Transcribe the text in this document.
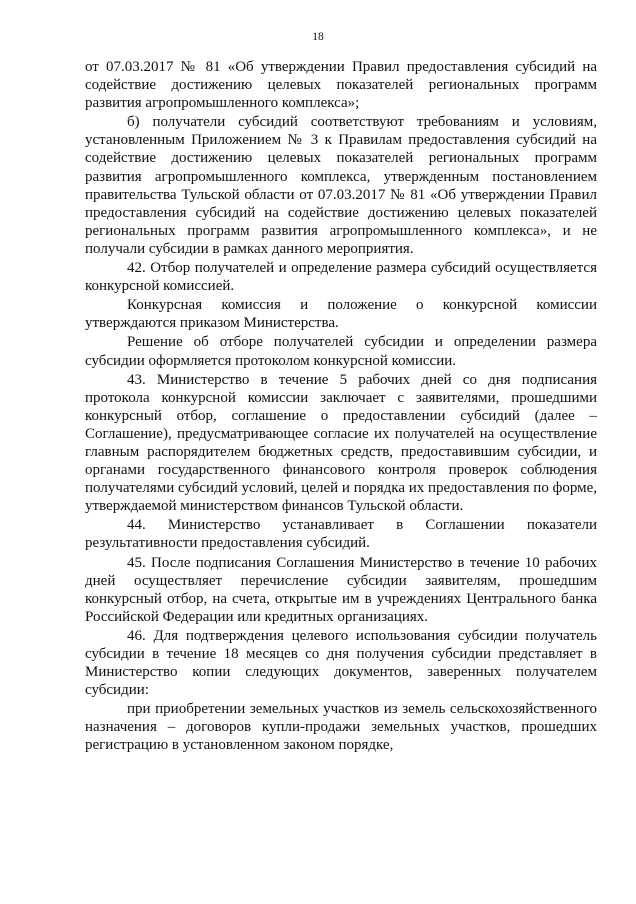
18

от 07.03.2017 № 81 «Об утверждении Правил предоставления субсидий на содействие достижению целевых показателей региональных программ развития агропромышленного комплекса»;

б) получатели субсидий соответствуют требованиям и условиям, установленным Приложением № 3 к Правилам предоставления субсидий на содействие достижению целевых показателей региональных программ развития агропромышленного комплекса, утвержденным постановлением правительства Тульской области от 07.03.2017 № 81 «Об утверждении Правил предоставления субсидий на содействие достижению целевых показателей региональных программ развития агропромышленного комплекса», и не получали субсидии в рамках данного мероприятия.

42. Отбор получателей и определение размера субсидий осуществляется конкурсной комиссией.

Конкурсная комиссия и положение о конкурсной комиссии утверждаются приказом Министерства.

Решение об отборе получателей субсидии и определении размера субсидии оформляется протоколом конкурсной комиссии.

43. Министерство в течение 5 рабочих дней со дня подписания протокола конкурсной комиссии заключает с заявителями, прошедшими конкурсный отбор, соглашение о предоставлении субсидий (далее – Соглашение), предусматривающее согласие их получателей на осуществление главным распорядителем бюджетных средств, предоставившим субсидии, и органами государственного финансового контроля проверок соблюдения получателями субсидий условий, целей и порядка их предоставления по форме, утверждаемой министерством финансов Тульской области.

44. Министерство устанавливает в Соглашении показатели результативности предоставления субсидий.

45. После подписания Соглашения Министерство в течение 10 рабочих дней осуществляет перечисление субсидии заявителям, прошедшим конкурсный отбор, на счета, открытые им в учреждениях Центрального банка Российской Федерации или кредитных организациях.

46. Для подтверждения целевого использования субсидии получатель субсидии в течение 18 месяцев со дня получения субсидии представляет в Министерство копии следующих документов, заверенных получателем субсидии:

при приобретении земельных участков из земель сельскохозяйственного назначения – договоров купли-продажи земельных участков, прошедших регистрацию в установленном законом порядке,
